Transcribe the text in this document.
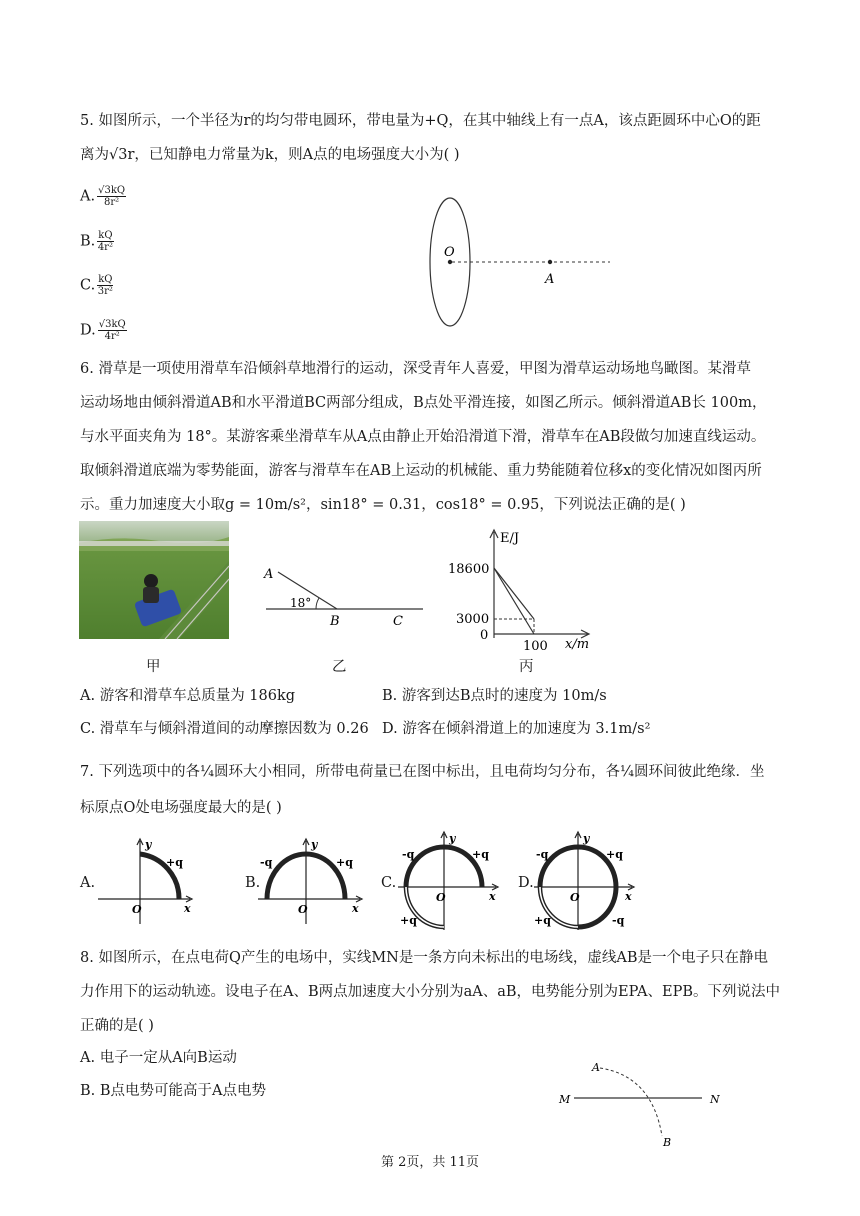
5. 如图所示，一个半径为r的均匀带电圆环，带电量为+Q，在其中轴线上有一点A，该点距圆环中心O的距
离为√3r，已知静电力常量为k，则A点的电场强度大小为( )
A. $\frac{√3kQ}{\text{8r²}}$
B. $\frac{kQ}{\text{4r²}}$
C. $\frac{kQ}{\text{3r²}}$
D. $\frac{√3kQ}{\text{4r²}}$
O
A
6. 滑草是一项使用滑草车沿倾斜草地滑行的运动，深受青年人喜爱，甲图为滑草运动场地鸟瞰图。某滑草
运动场地由倾斜滑道AB和水平滑道BC两部分组成，B点处平滑连接，如图乙所示。倾斜滑道AB长 100m，
与水平面夹角为 18°。某游客乘坐滑草车从A点由静止开始沿滑道下滑，滑草车在AB段做匀加速直线运动。
取倾斜滑道底端为零势能面，游客与滑草车在AB上运动的机械能、重力势能随着位移x的变化情况如图丙所
示。重力加速度大小取g = 10m/s²，sin18° = 0.31，cos18° = 0.95，下列说法正确的是( )
甲
A
B	C
18°
乙
E/J
18600
3000
0
100 x/m
丙
A. 游客和滑草车总质量为 186kg	B. 游客到达B点时的速度为 10m/s
C. 滑草车与倾斜滑道间的动摩擦因数为 0.26 D. 游客在倾斜滑道上的加速度为 3.1m/s²
7. 下列选项中的各¼圆环大小相同，所带电荷量已在图中标出，且电荷均匀分布，各¼圆环间彼此绝缘．坐
标原点O处电场强度最大的是( )
A.
O	x
y
+q
B.
O	x
y
-q	+q
C.
O	x
y
-q	+q
+q
D.
O	x
y
-q	+q
+q	-q
8. 如图所示，在点电荷Q产生的电场中，实线MN是一条方向未标出的电场线，虚线AB是一个电子只在静电
力作用下的运动轨迹。设电子在A、B两点加速度大小分别为aA、aB，电势能分别为EPA、EPB。下列说法中
正确的是( )
A. 电子一定从A向B运动
B. B点电势可能高于A点电势
M	N
A
B
第 2页，共 11页
